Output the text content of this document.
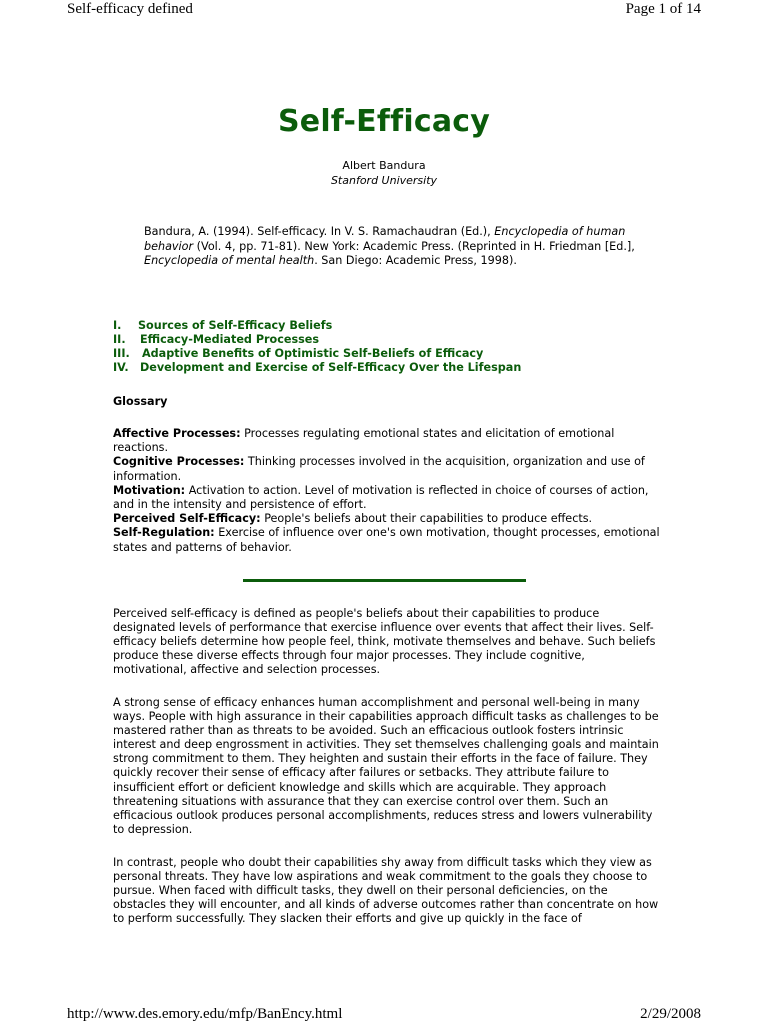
Self-efficacy defined	Page 1 of 14
Self-Efficacy
Albert Bandura
Stanford University
Bandura, A. (1994). Self-efficacy. In V. S. Ramachaudran (Ed.), Encyclopedia of human behavior (Vol. 4, pp. 71-81). New York: Academic Press. (Reprinted in H. Friedman [Ed.], Encyclopedia of mental health. San Diego: Academic Press, 1998).
I. Sources of Self-Efficacy Beliefs
II. Efficacy-Mediated Processes
III. Adaptive Benefits of Optimistic Self-Beliefs of Efficacy
IV. Development and Exercise of Self-Efficacy Over the Lifespan
Glossary
Affective Processes: Processes regulating emotional states and elicitation of emotional reactions.
Cognitive Processes: Thinking processes involved in the acquisition, organization and use of information.
Motivation: Activation to action. Level of motivation is reflected in choice of courses of action, and in the intensity and persistence of effort.
Perceived Self-Efficacy: People's beliefs about their capabilities to produce effects.
Self-Regulation: Exercise of influence over one's own motivation, thought processes, emotional states and patterns of behavior.
Perceived self-efficacy is defined as people's beliefs about their capabilities to produce designated levels of performance that exercise influence over events that affect their lives. Self-efficacy beliefs determine how people feel, think, motivate themselves and behave. Such beliefs produce these diverse effects through four major processes. They include cognitive, motivational, affective and selection processes.
A strong sense of efficacy enhances human accomplishment and personal well-being in many ways. People with high assurance in their capabilities approach difficult tasks as challenges to be mastered rather than as threats to be avoided. Such an efficacious outlook fosters intrinsic interest and deep engrossment in activities. They set themselves challenging goals and maintain strong commitment to them. They heighten and sustain their efforts in the face of failure. They quickly recover their sense of efficacy after failures or setbacks. They attribute failure to insufficient effort or deficient knowledge and skills which are acquirable. They approach threatening situations with assurance that they can exercise control over them. Such an efficacious outlook produces personal accomplishments, reduces stress and lowers vulnerability to depression.
In contrast, people who doubt their capabilities shy away from difficult tasks which they view as personal threats. They have low aspirations and weak commitment to the goals they choose to pursue. When faced with difficult tasks, they dwell on their personal deficiencies, on the obstacles they will encounter, and all kinds of adverse outcomes rather than concentrate on how to perform successfully. They slacken their efforts and give up quickly in the face of
http://www.des.emory.edu/mfp/BanEncy.html	2/29/2008
